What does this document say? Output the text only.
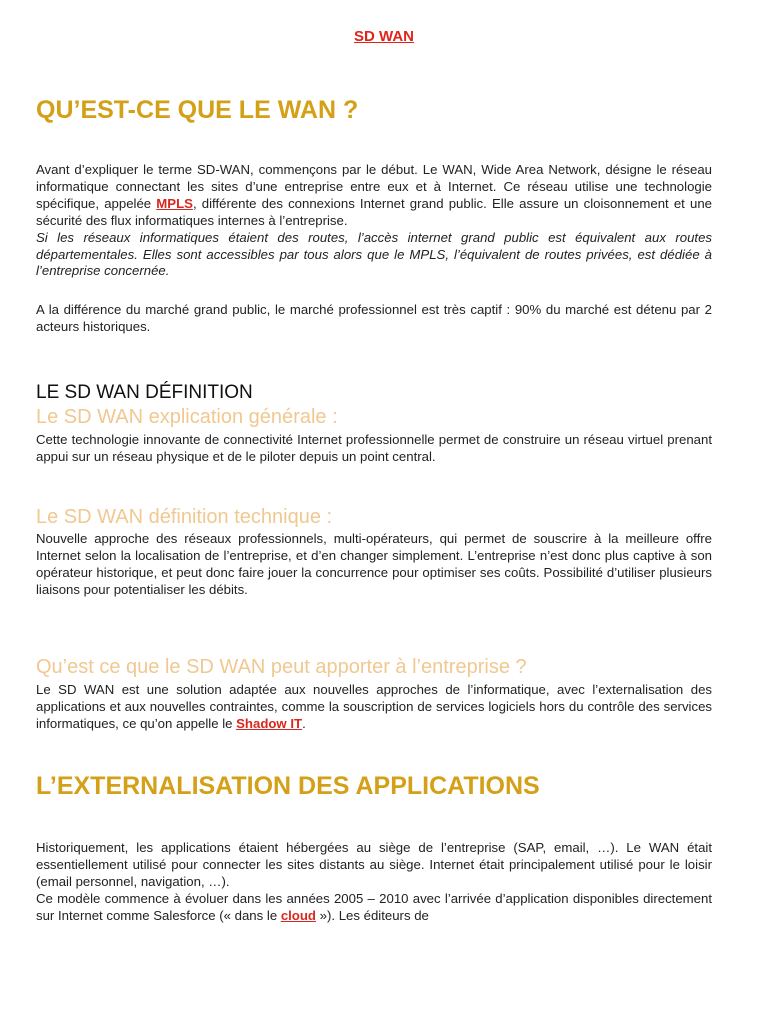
SD WAN
QU’EST-CE QUE LE WAN ?

Avant d’expliquer le terme SD-WAN, commençons par le début. Le WAN, Wide Area Network, désigne le réseau informatique connectant les sites d’une entreprise entre eux et à Internet. Ce réseau utilise une technologie spécifique, appelée MPLS, différente des connexions Internet grand public. Elle assure un cloisonnement et une sécurité des flux informatiques internes à l’entreprise.
Si les réseaux informatiques étaient des routes, l’accès internet grand public est équivalent aux routes départementales. Elles sont accessibles par tous alors que le MPLS, l’équivalent de routes privées, est dédiée à l’entreprise concernée.

A la différence du marché grand public, le marché professionnel est très captif : 90% du marché est détenu par 2 acteurs historiques.

LE SD WAN DÉFINITION
Le SD WAN explication générale :

Cette technologie innovante de connectivité Internet professionnelle permet de construire un réseau virtuel prenant appui sur un réseau physique et de le piloter depuis un point central.

Le SD WAN définition technique :

Nouvelle approche des réseaux professionnels, multi-opérateurs, qui permet de souscrire à la meilleure offre Internet selon la localisation de l’entreprise, et d’en changer simplement. L’entreprise n’est donc plus captive à son opérateur historique, et peut donc faire jouer la concurrence pour optimiser ses coûts. Possibilité d’utiliser plusieurs liaisons pour potentialiser les débits.

Qu’est ce que le SD WAN peut apporter à l’entreprise ?

Le SD WAN est une solution adaptée aux nouvelles approches de l’informatique, avec l’externalisation des applications et aux nouvelles contraintes, comme la souscription de services logiciels hors du contrôle des services informatiques, ce qu’on appelle le Shadow IT.

L’EXTERNALISATION DES APPLICATIONS

Historiquement, les applications étaient hébergées au siège de l’entreprise (SAP, email, …). Le WAN était essentiellement utilisé pour connecter les sites distants au siège. Internet était principalement utilisé pour le loisir (email personnel, navigation, …).
Ce modèle commence à évoluer dans les années 2005 – 2010 avec l’arrivée d’application disponibles directement sur Internet comme Salesforce (« dans le cloud »). Les éditeurs de
